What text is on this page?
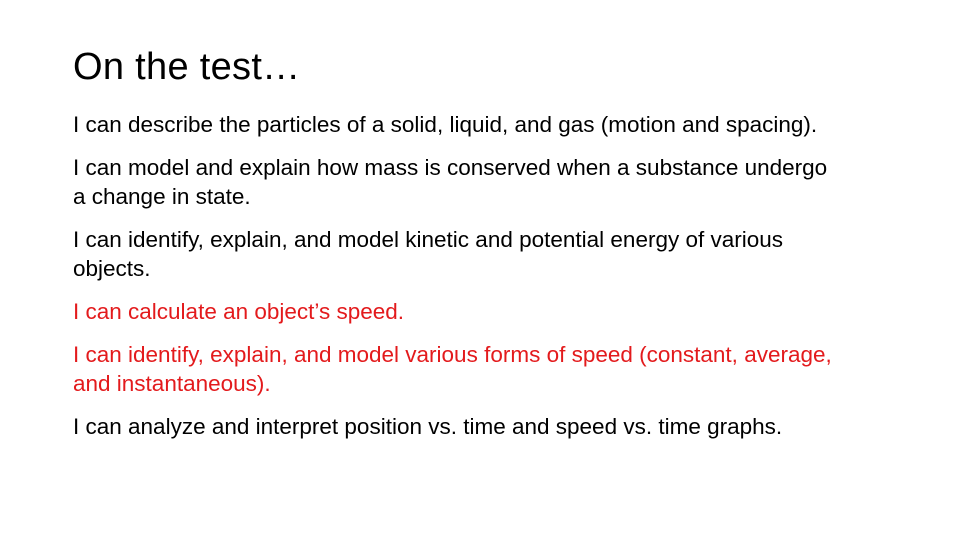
On the test…
I can describe the particles of a solid, liquid, and gas (motion and spacing).
I can model and explain how mass is conserved when a substance undergo a change in state.
I can identify, explain, and model kinetic and potential energy of various objects.
I can calculate an object’s speed.
I can identify, explain, and model various forms of speed (constant, average, and instantaneous).
I can analyze and interpret position vs. time and speed vs. time graphs.
